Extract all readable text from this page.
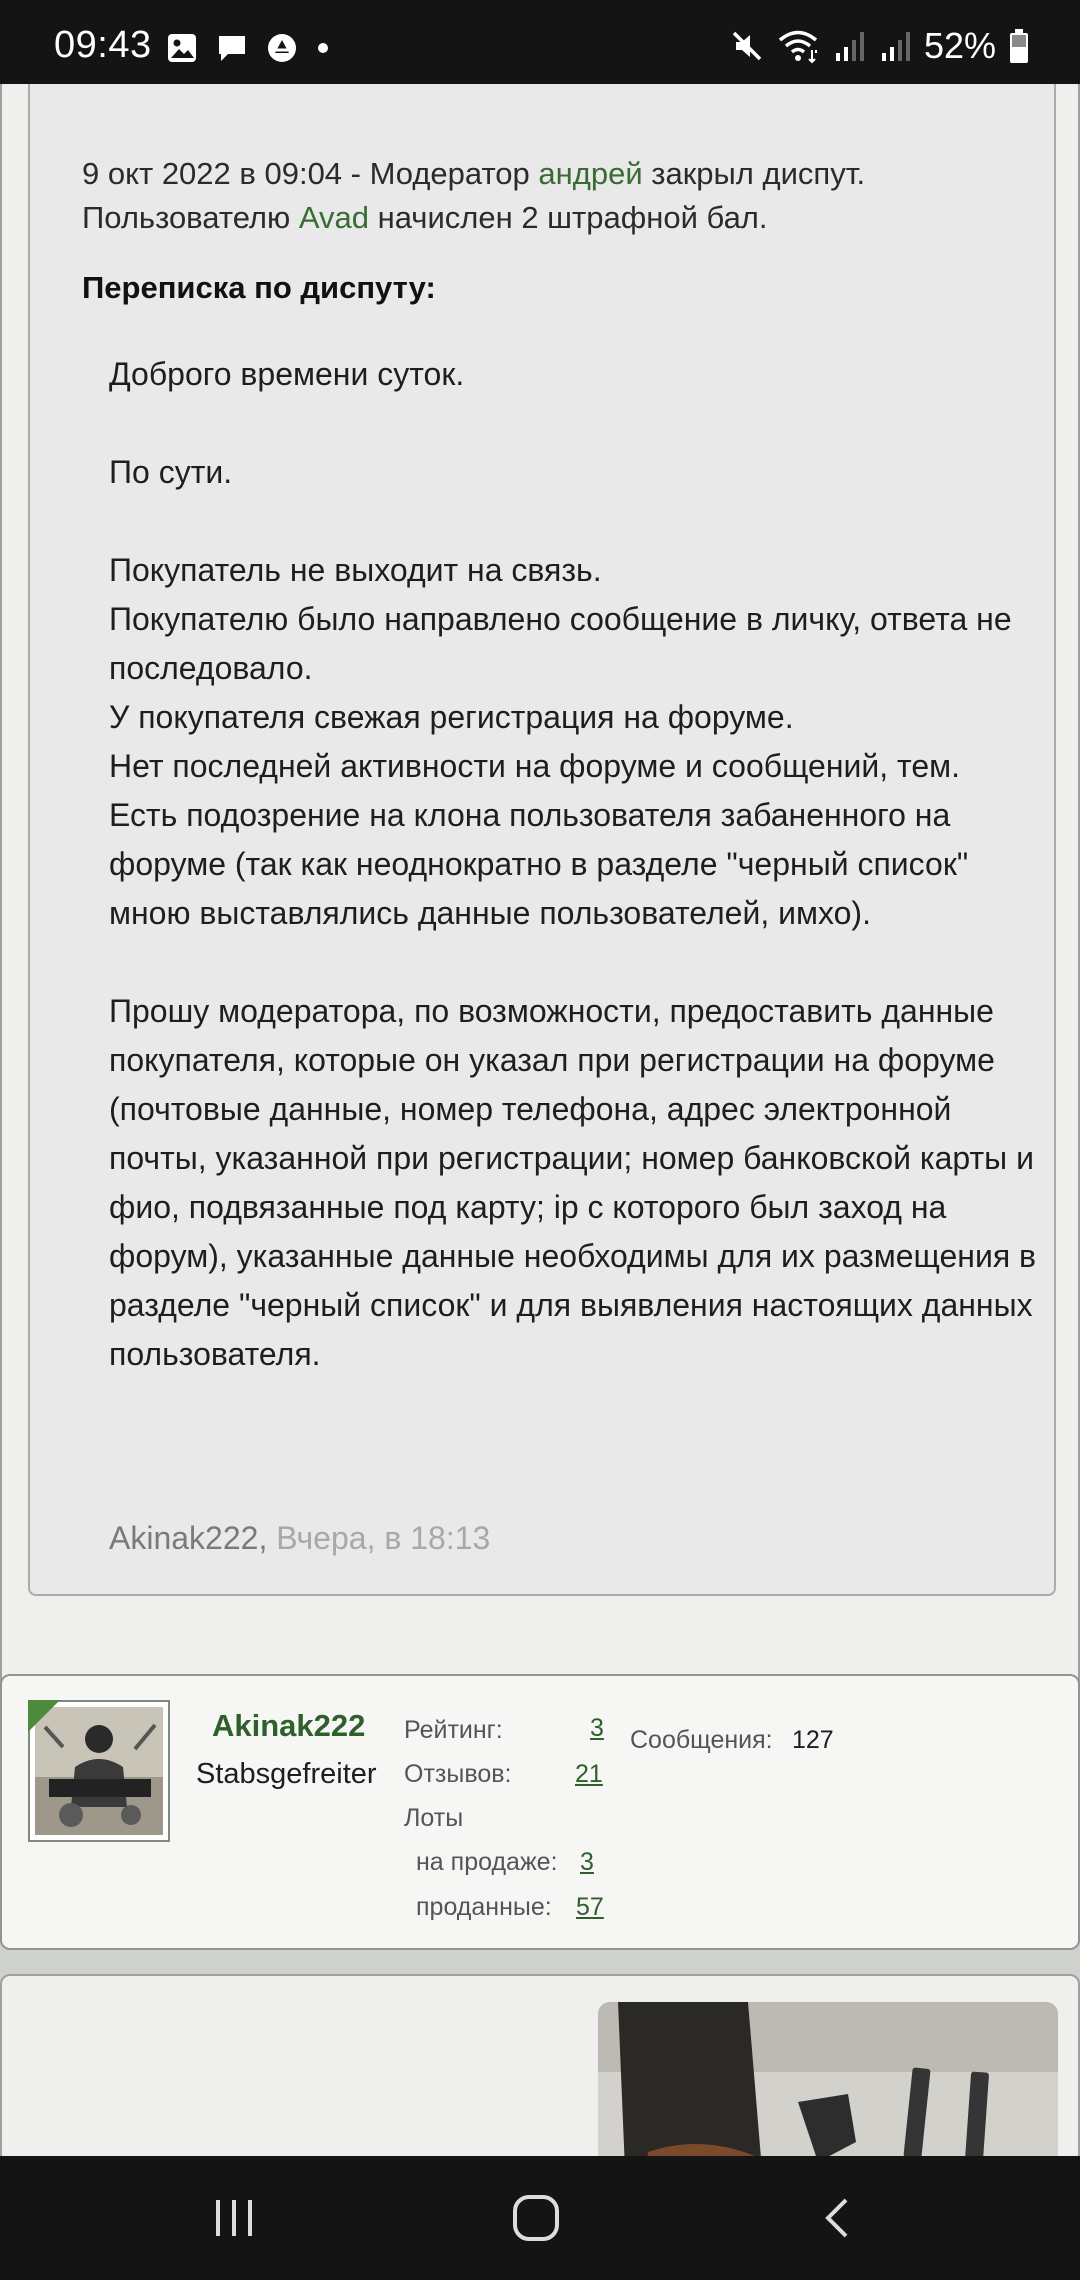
09:43	52%
9 окт 2022 в 09:04 - Модератор андрей закрыл диспут.
Пользователю Avad начислен 2 штрафной бал.
Переписка по диспуту:

Доброго времени суток.

По сути.

Покупатель не выходит на связь.

Покупателю было направлено сообщение в личку, ответа не последовало.

У покупателя свежая регистрация на форуме.

Нет последней активности на форуме и сообщений, тем.

Есть подозрение на клона пользователя забаненного на форуме (так как неоднократно в разделе "черный список" мною выставлялись данные пользователей, имхо).

Прошу модератора, по возможности, предоставить данные покупателя, которые он указал при регистрации на форуме (почтовые данные, номер телефона, адрес электронной почты, указанной при регистрации; номер банковской карты и фио, подвязанные под карту; ip с которого был заход на форум), указанные данные необходимы для их размещения в разделе "черный список" и для выявления настоящих данных пользователя.

Akinak222, Вчера, в 18:13
Akinak222
Stabsgefreiter
Рейтинг:	3
Отзывов:	21
Лоты
на продаже: 3
проданные: 57
Сообщения: 127
